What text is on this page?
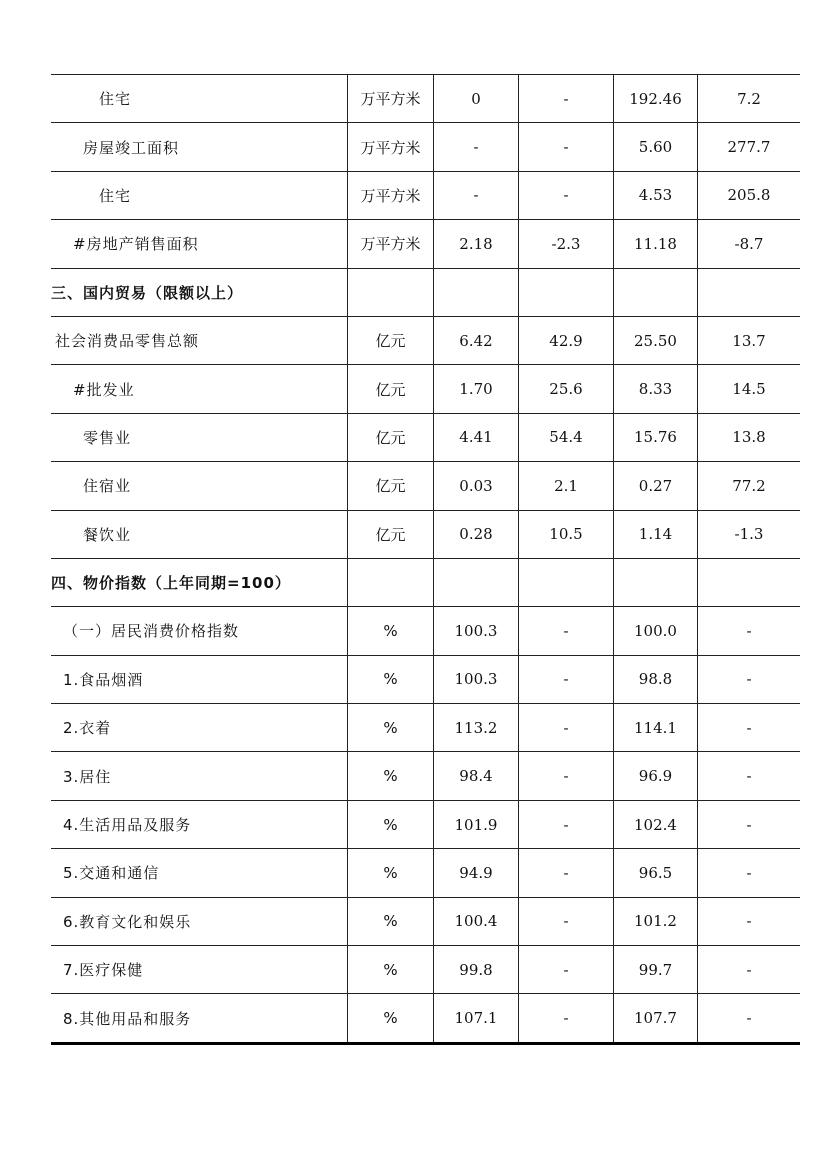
住宅	万平方米	0	-	192.46	7.2
房屋竣工面积	万平方米	-	-	5.60	277.7
住宅	万平方米	-	-	4.53	205.8
#房地产销售面积	万平方米	2.18	-2.3	11.18	-8.7
三、国内贸易（限额以上）					
社会消费品零售总额	亿元	6.42	42.9	25.50	13.7
#批发业	亿元	1.70	25.6	8.33	14.5
零售业	亿元	4.41	54.4	15.76	13.8
住宿业	亿元	0.03	2.1	0.27	77.2
餐饮业	亿元	0.28	10.5	1.14	-1.3
四、物价指数（上年同期=100）					
（一）居民消费价格指数	%	100.3	-	100.0	-
1.食品烟酒	%	100.3	-	98.8	-
2.衣着	%	113.2	-	114.1	-
3.居住	%	98.4	-	96.9	-
4.生活用品及服务	%	101.9	-	102.4	-
5.交通和通信	%	94.9	-	96.5	-
6.教育文化和娱乐	%	100.4	-	101.2	-
7.医疗保健	%	99.8	-	99.7	-
8.其他用品和服务	%	107.1	-	107.7	-
